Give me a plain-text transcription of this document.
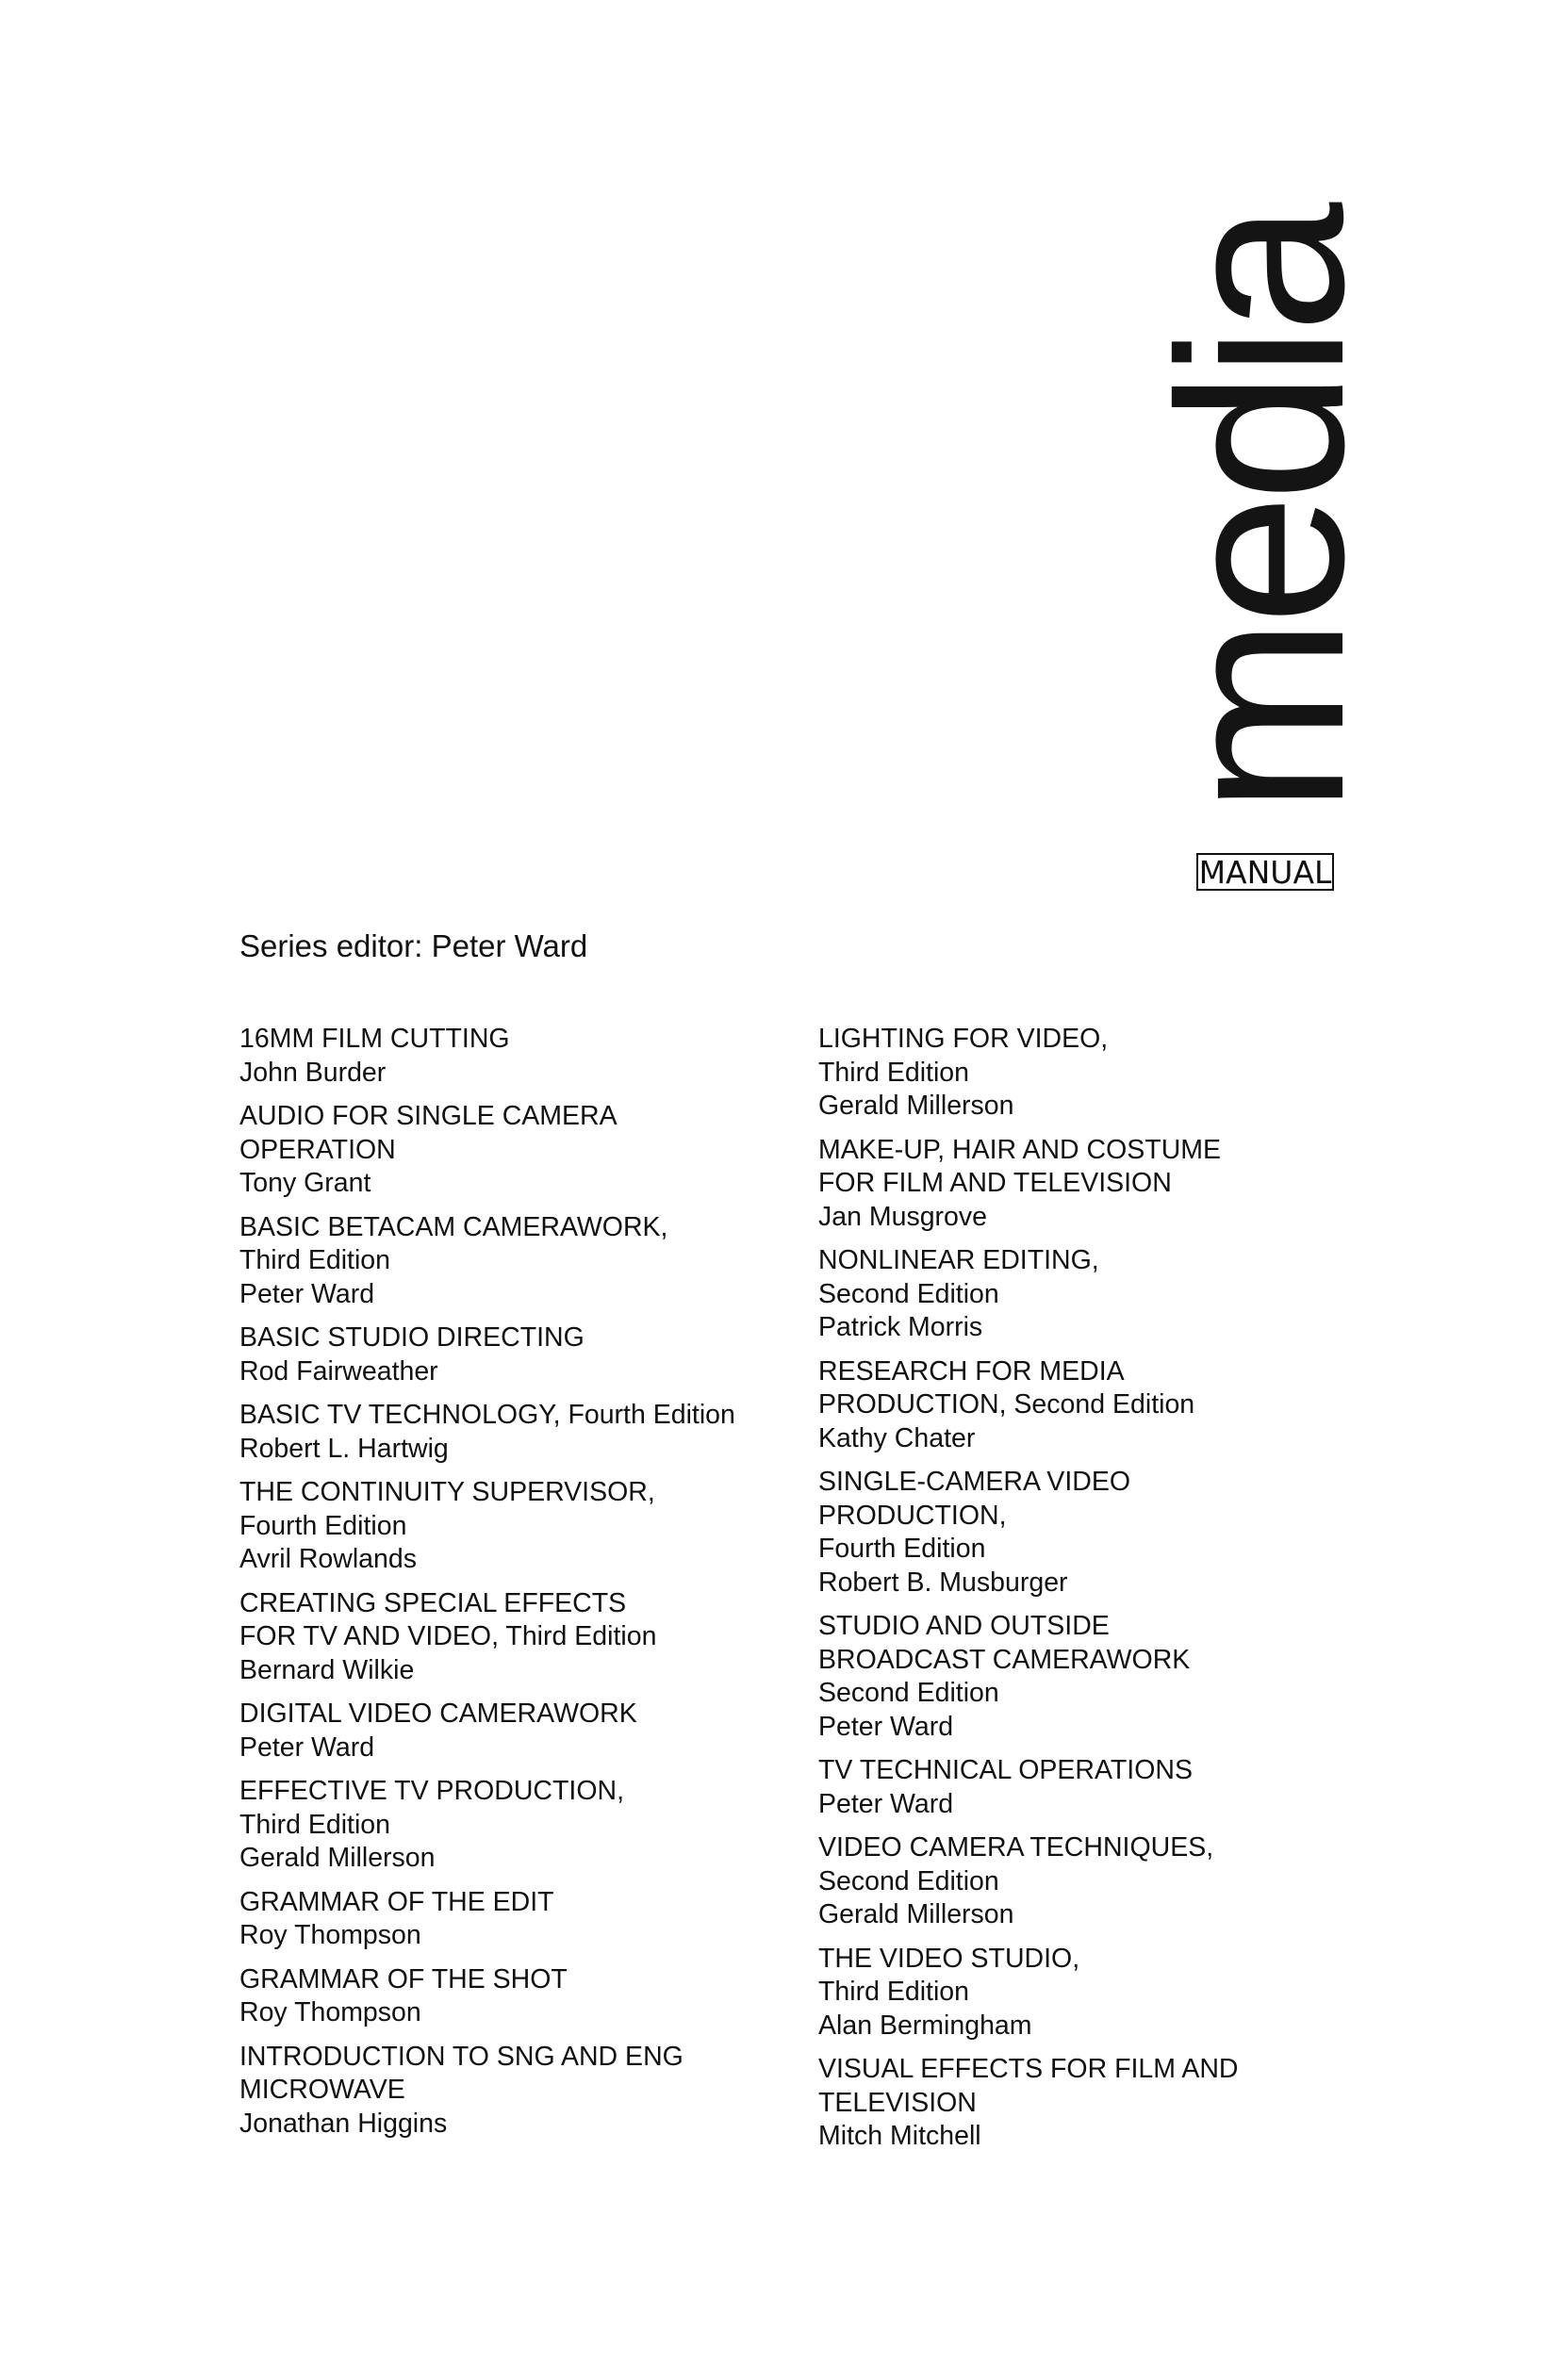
media
MANUAL
Series editor: Peter Ward
16MM FILM CUTTING
John Burder
AUDIO FOR SINGLE CAMERA
OPERATION
Tony Grant
BASIC BETACAM CAMERAWORK,
Third Edition
Peter Ward
BASIC STUDIO DIRECTING
Rod Fairweather
BASIC TV TECHNOLOGY, Fourth Edition
Robert L. Hartwig
THE CONTINUITY SUPERVISOR,
Fourth Edition
Avril Rowlands
CREATING SPECIAL EFFECTS
FOR TV AND VIDEO, Third Edition
Bernard Wilkie
DIGITAL VIDEO CAMERAWORK
Peter Ward
EFFECTIVE TV PRODUCTION,
Third Edition
Gerald Millerson
GRAMMAR OF THE EDIT
Roy Thompson
GRAMMAR OF THE SHOT
Roy Thompson
INTRODUCTION TO SNG AND ENG
MICROWAVE
Jonathan Higgins
LIGHTING FOR VIDEO,
Third Edition
Gerald Millerson
MAKE-UP, HAIR AND COSTUME
FOR FILM AND TELEVISION
Jan Musgrove
NONLINEAR EDITING,
Second Edition
Patrick Morris
RESEARCH FOR MEDIA
PRODUCTION, Second Edition
Kathy Chater
SINGLE-CAMERA VIDEO
PRODUCTION,
Fourth Edition
Robert B. Musburger
STUDIO AND OUTSIDE
BROADCAST CAMERAWORK
Second Edition
Peter Ward
TV TECHNICAL OPERATIONS
Peter Ward
VIDEO CAMERA TECHNIQUES,
Second Edition
Gerald Millerson
THE VIDEO STUDIO,
Third Edition
Alan Bermingham
VISUAL EFFECTS FOR FILM AND
TELEVISION
Mitch Mitchell
